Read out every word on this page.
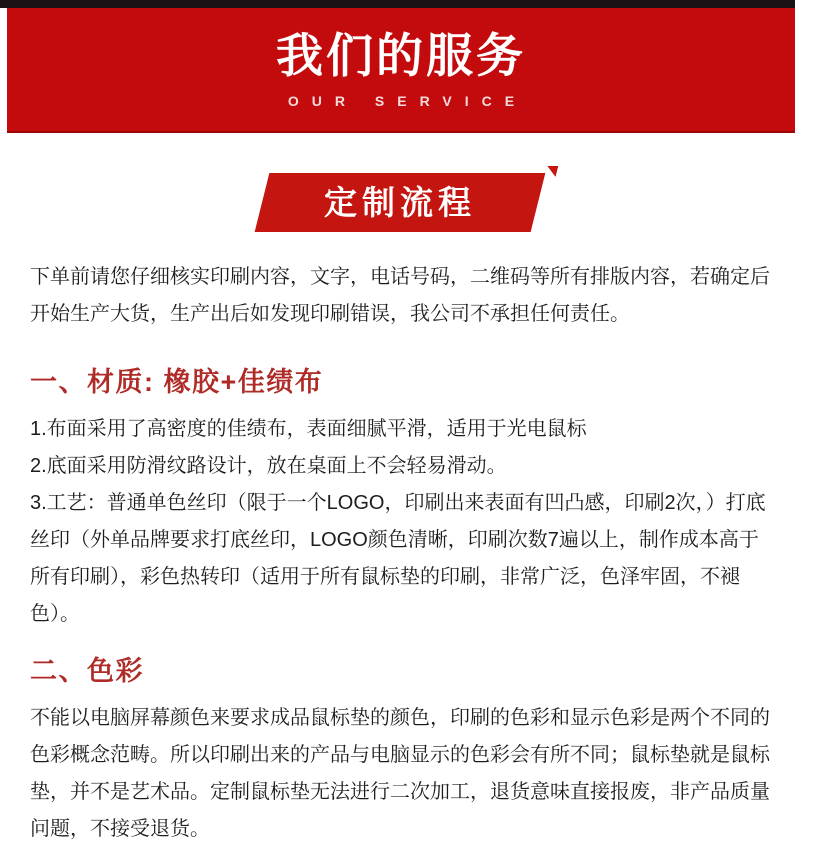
我们的服务
OUR SERVICE
定制流程

下单前请您仔细核实印刷内容，文字，电话号码，二维码等所有排版内容，若确定后开始生产大货，生产出后如发现印刷错误，我公司不承担任何责任。

一、材质: 橡胶+佳绩布
1.布面采用了高密度的佳绩布，表面细腻平滑，适用于光电鼠标
2.底面采用防滑纹路设计，放在桌面上不会轻易滑动。
3.工艺：普通单色丝印（限于一个LOGO，印刷出来表面有凹凸感，印刷2次，）打底丝印（外单品牌要求打底丝印，LOGO颜色清晰，印刷次数7遍以上，制作成本高于所有印刷），彩色热转印（适用于所有鼠标垫的印刷，非常广泛，色泽牢固，不褪色）。
二、色彩

不能以电脑屏幕颜色来要求成品鼠标垫的颜色，印刷的色彩和显示色彩是两个不同的色彩概念范畴。所以印刷出来的产品与电脑显示的色彩会有所不同；鼠标垫就是鼠标垫，并不是艺术品。定制鼠标垫无法进行二次加工，退货意味直接报废，非产品质量问题，不接受退货。
